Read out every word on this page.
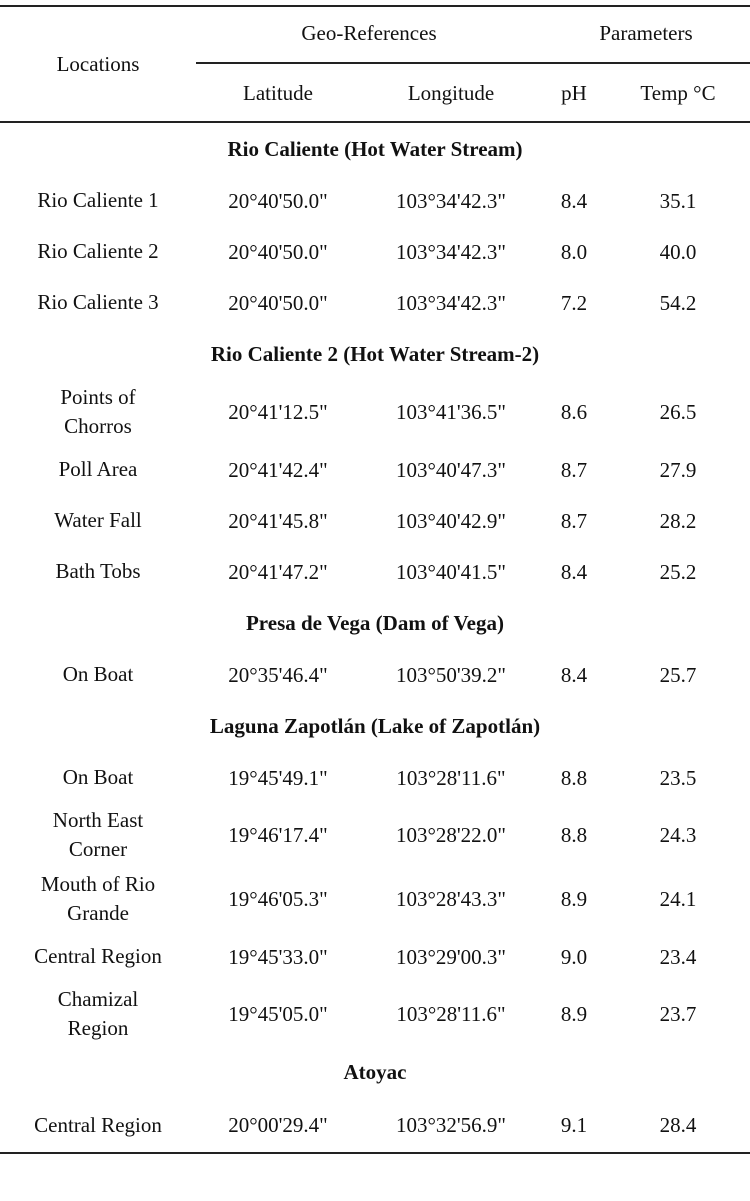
Locations	Geo-References		Parameters	

	Latitude	Longitude	pH	Temp °C
Rio Caliente (Hot Water Stream)				
Rio Caliente 1	20°40'50.0"	103°34'42.3"	8.4	35.1
Rio Caliente 2	20°40'50.0"	103°34'42.3"	8.0	40.0
Rio Caliente 3	20°40'50.0"	103°34'42.3"	7.2	54.2
Rio Caliente 2 (Hot Water Stream-2)				
Points of
Chorros	20°41'12.5"	103°41'36.5"	8.6	26.5
Poll Area	20°41'42.4"	103°40'47.3"	8.7	27.9
Water Fall	20°41'45.8"	103°40'42.9"	8.7	28.2
Bath Tobs	20°41'47.2"	103°40'41.5"	8.4	25.2
Presa de Vega (Dam of Vega)				
On Boat	20°35'46.4"	103°50'39.2"	8.4	25.7
Laguna Zapotlán (Lake of Zapotlán)				
On Boat	19°45'49.1"	103°28'11.6"	8.8	23.5
North East
Corner	19°46'17.4"	103°28'22.0"	8.8	24.3
Mouth of Rio
Grande	19°46'05.3"	103°28'43.3"	8.9	24.1
Central Region	19°45'33.0"	103°29'00.3"	9.0	23.4
Chamizal
Region	19°45'05.0"	103°28'11.6"	8.9	23.7
Atoyac				
Central Region	20°00'29.4"	103°32'56.9"	9.1	28.4
